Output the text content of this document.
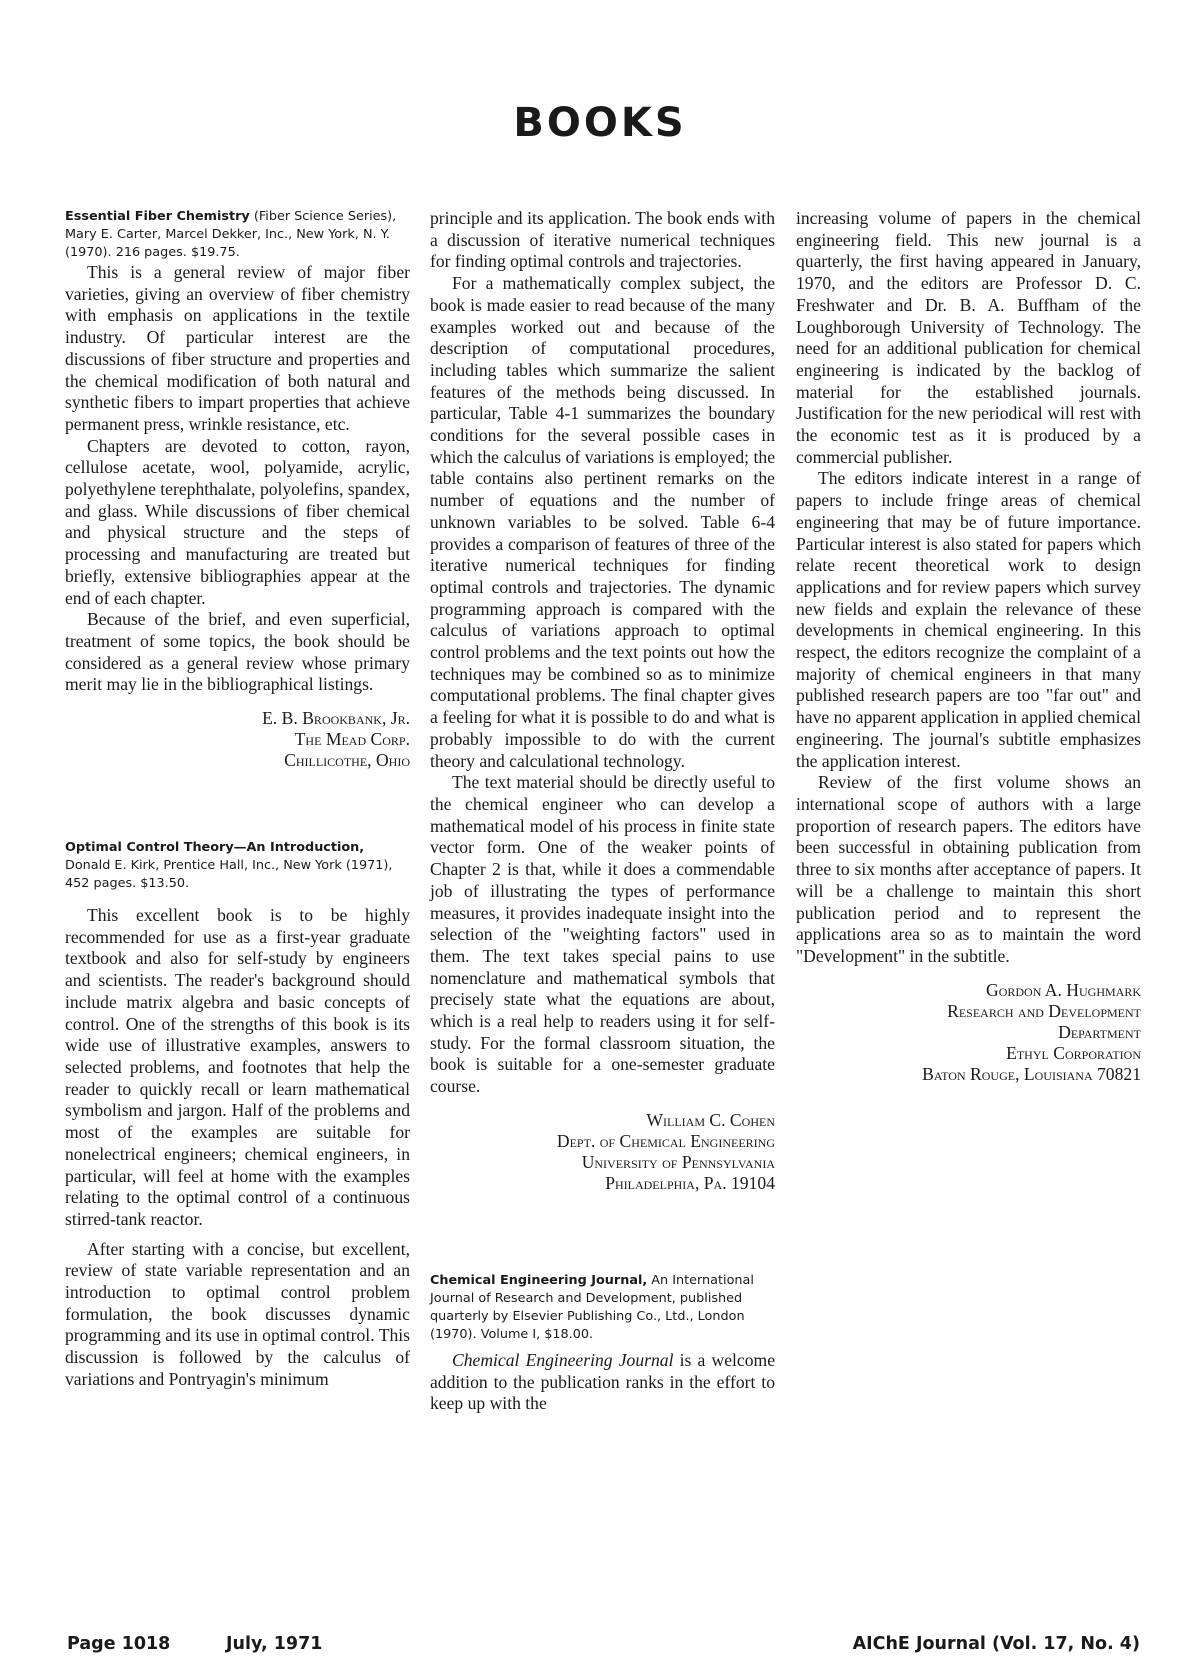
BOOKS

Essential Fiber Chemistry (Fiber Science Series), Mary E. Carter, Marcel Dekker, Inc., New York, N. Y. (1970). 216 pages. $19.75.

This is a general review of major fiber varieties, giving an overview of fiber chemistry with emphasis on applications in the textile industry. Of particular interest are the discussions of fiber structure and properties and the chemical modification of both natural and synthetic fibers to impart properties that achieve permanent press, wrinkle resistance, etc.

Chapters are devoted to cotton, rayon, cellulose acetate, wool, polyamide, acrylic, polyethylene terephthalate, polyolefins, spandex, and glass. While discussions of fiber chemical and physical structure and the steps of processing and manufacturing are treated but briefly, extensive bibliographies appear at the end of each chapter.

Because of the brief, and even superficial, treatment of some topics, the book should be considered as a general review whose primary merit may lie in the bibliographical listings.

E. B. Brookbank, Jr.
The Mead Corp.
Chillicothe, Ohio

Optimal Control Theory—An Introduction, Donald E. Kirk, Prentice Hall, Inc., New York (1971), 452 pages. $13.50.

This excellent book is to be highly recommended for use as a first-year graduate textbook and also for self-study by engineers and scientists. The reader's background should include matrix algebra and basic concepts of control. One of the strengths of this book is its wide use of illustrative examples, answers to selected problems, and footnotes that help the reader to quickly recall or learn mathematical symbolism and jargon. Half of the problems and most of the examples are suitable for nonelectrical engineers; chemical engineers, in particular, will feel at home with the examples relating to the optimal control of a continuous stirred-tank reactor.

After starting with a concise, but excellent, review of state variable representation and an introduction to optimal control problem formulation, the book discusses dynamic programming and its use in optimal control. This discussion is followed by the calculus of variations and Pontryagin's minimum

principle and its application. The book ends with a discussion of iterative numerical techniques for finding optimal controls and trajectories.

For a mathematically complex subject, the book is made easier to read because of the many examples worked out and because of the description of computational procedures, including tables which summarize the salient features of the methods being discussed. In particular, Table 4-1 summarizes the boundary conditions for the several possible cases in which the calculus of variations is employed; the table contains also pertinent remarks on the number of equations and the number of unknown variables to be solved. Table 6-4 provides a comparison of features of three of the iterative numerical techniques for finding optimal controls and trajectories. The dynamic programming approach is compared with the calculus of variations approach to optimal control problems and the text points out how the techniques may be combined so as to minimize computational problems. The final chapter gives a feeling for what it is possible to do and what is probably impossible to do with the current theory and calculational technology.

The text material should be directly useful to the chemical engineer who can develop a mathematical model of his process in finite state vector form. One of the weaker points of Chapter 2 is that, while it does a commendable job of illustrating the types of performance measures, it provides inadequate insight into the selection of the "weighting factors" used in them. The text takes special pains to use nomenclature and mathematical symbols that precisely state what the equations are about, which is a real help to readers using it for self-study. For the formal classroom situation, the book is suitable for a one-semester graduate course.

William C. Cohen
Dept. of Chemical Engineering
University of Pennsylvania
Philadelphia, Pa. 19104

Chemical Engineering Journal, An International Journal of Research and Development, published quarterly by Elsevier Publishing Co., Ltd., London (1970). Volume I, $18.00.

Chemical Engineering Journal is a welcome addition to the publication ranks in the effort to keep up with the

increasing volume of papers in the chemical engineering field. This new journal is a quarterly, the first having appeared in January, 1970, and the editors are Professor D. C. Freshwater and Dr. B. A. Buffham of the Loughborough University of Technology. The need for an additional publication for chemical engineering is indicated by the backlog of material for the established journals. Justification for the new periodical will rest with the economic test as it is produced by a commercial publisher.

The editors indicate interest in a range of papers to include fringe areas of chemical engineering that may be of future importance. Particular interest is also stated for papers which relate recent theoretical work to design applications and for review papers which survey new fields and explain the relevance of these developments in chemical engineering. In this respect, the editors recognize the complaint of a majority of chemical engineers in that many published research papers are too "far out" and have no apparent application in applied chemical engineering. The journal's subtitle emphasizes the application interest.

Review of the first volume shows an international scope of authors with a large proportion of research papers. The editors have been successful in obtaining publication from three to six months after acceptance of papers. It will be a challenge to maintain this short publication period and to represent the applications area so as to maintain the word "Development" in the subtitle.

Gordon A. Hughmark
Research and Development
Department
Ethyl Corporation
Baton Rouge, Louisiana 70821
Page 1018	July, 1971	AIChE Journal (Vol. 17, No. 4)
